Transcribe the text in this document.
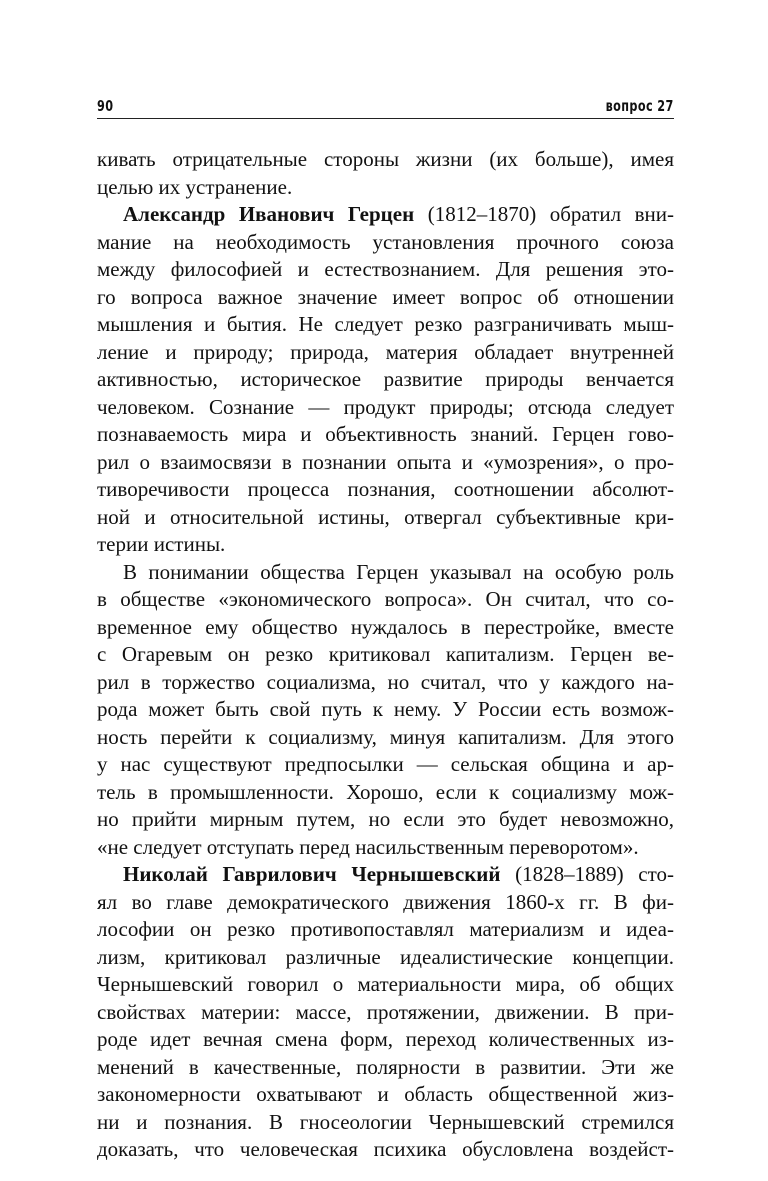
90	вопрос 27
кивать отрицательные стороны жизни (их больше), имея
целью их устранение.
Александр Иванович Герцен (1812–1870) обратил вни-
мание на необходимость установления прочного союза
между философией и естествознанием. Для решения это-
го вопроса важное значение имеет вопрос об отношении
мышления и бытия. Не следует резко разграничивать мыш-
ление и природу; природа, материя обладает внутренней
активностью, историческое развитие природы венчается
человеком. Сознание — продукт природы; отсюда следует
познаваемость мира и объективность знаний. Герцен гово-
рил о взаимосвязи в познании опыта и «умозрения», о про-
тиворечивости процесса познания, соотношении абсолют-
ной и относительной истины, отвергал субъективные кри-
терии истины.
В понимании общества Герцен указывал на особую роль
в обществе «экономического вопроса». Он считал, что со-
временное ему общество нуждалось в перестройке, вместе
с Огаревым он резко критиковал капитализм. Герцен ве-
рил в торжество социализма, но считал, что у каждого на-
рода может быть свой путь к нему. У России есть возмож-
ность перейти к социализму, минуя капитализм. Для этого
у нас существуют предпосылки — сельская община и ар-
тель в промышленности. Хорошо, если к социализму мож-
но прийти мирным путем, но если это будет невозможно,
«не следует отступать перед насильственным переворотом».
Николай Гаврилович Чернышевский (1828–1889) сто-
ял во главе демократического движения 1860-х гг. В фи-
лософии он резко противопоставлял материализм и идеа-
лизм, критиковал различные идеалистические концепции.
Чернышевский говорил о материальности мира, об общих
свойствах материи: массе, протяжении, движении. В при-
роде идет вечная смена форм, переход количественных из-
менений в качественные, полярности в развитии. Эти же
закономерности охватывают и область общественной жиз-
ни и познания. В гносеологии Чернышевский стремился
доказать, что человеческая психика обусловлена воздейст-
